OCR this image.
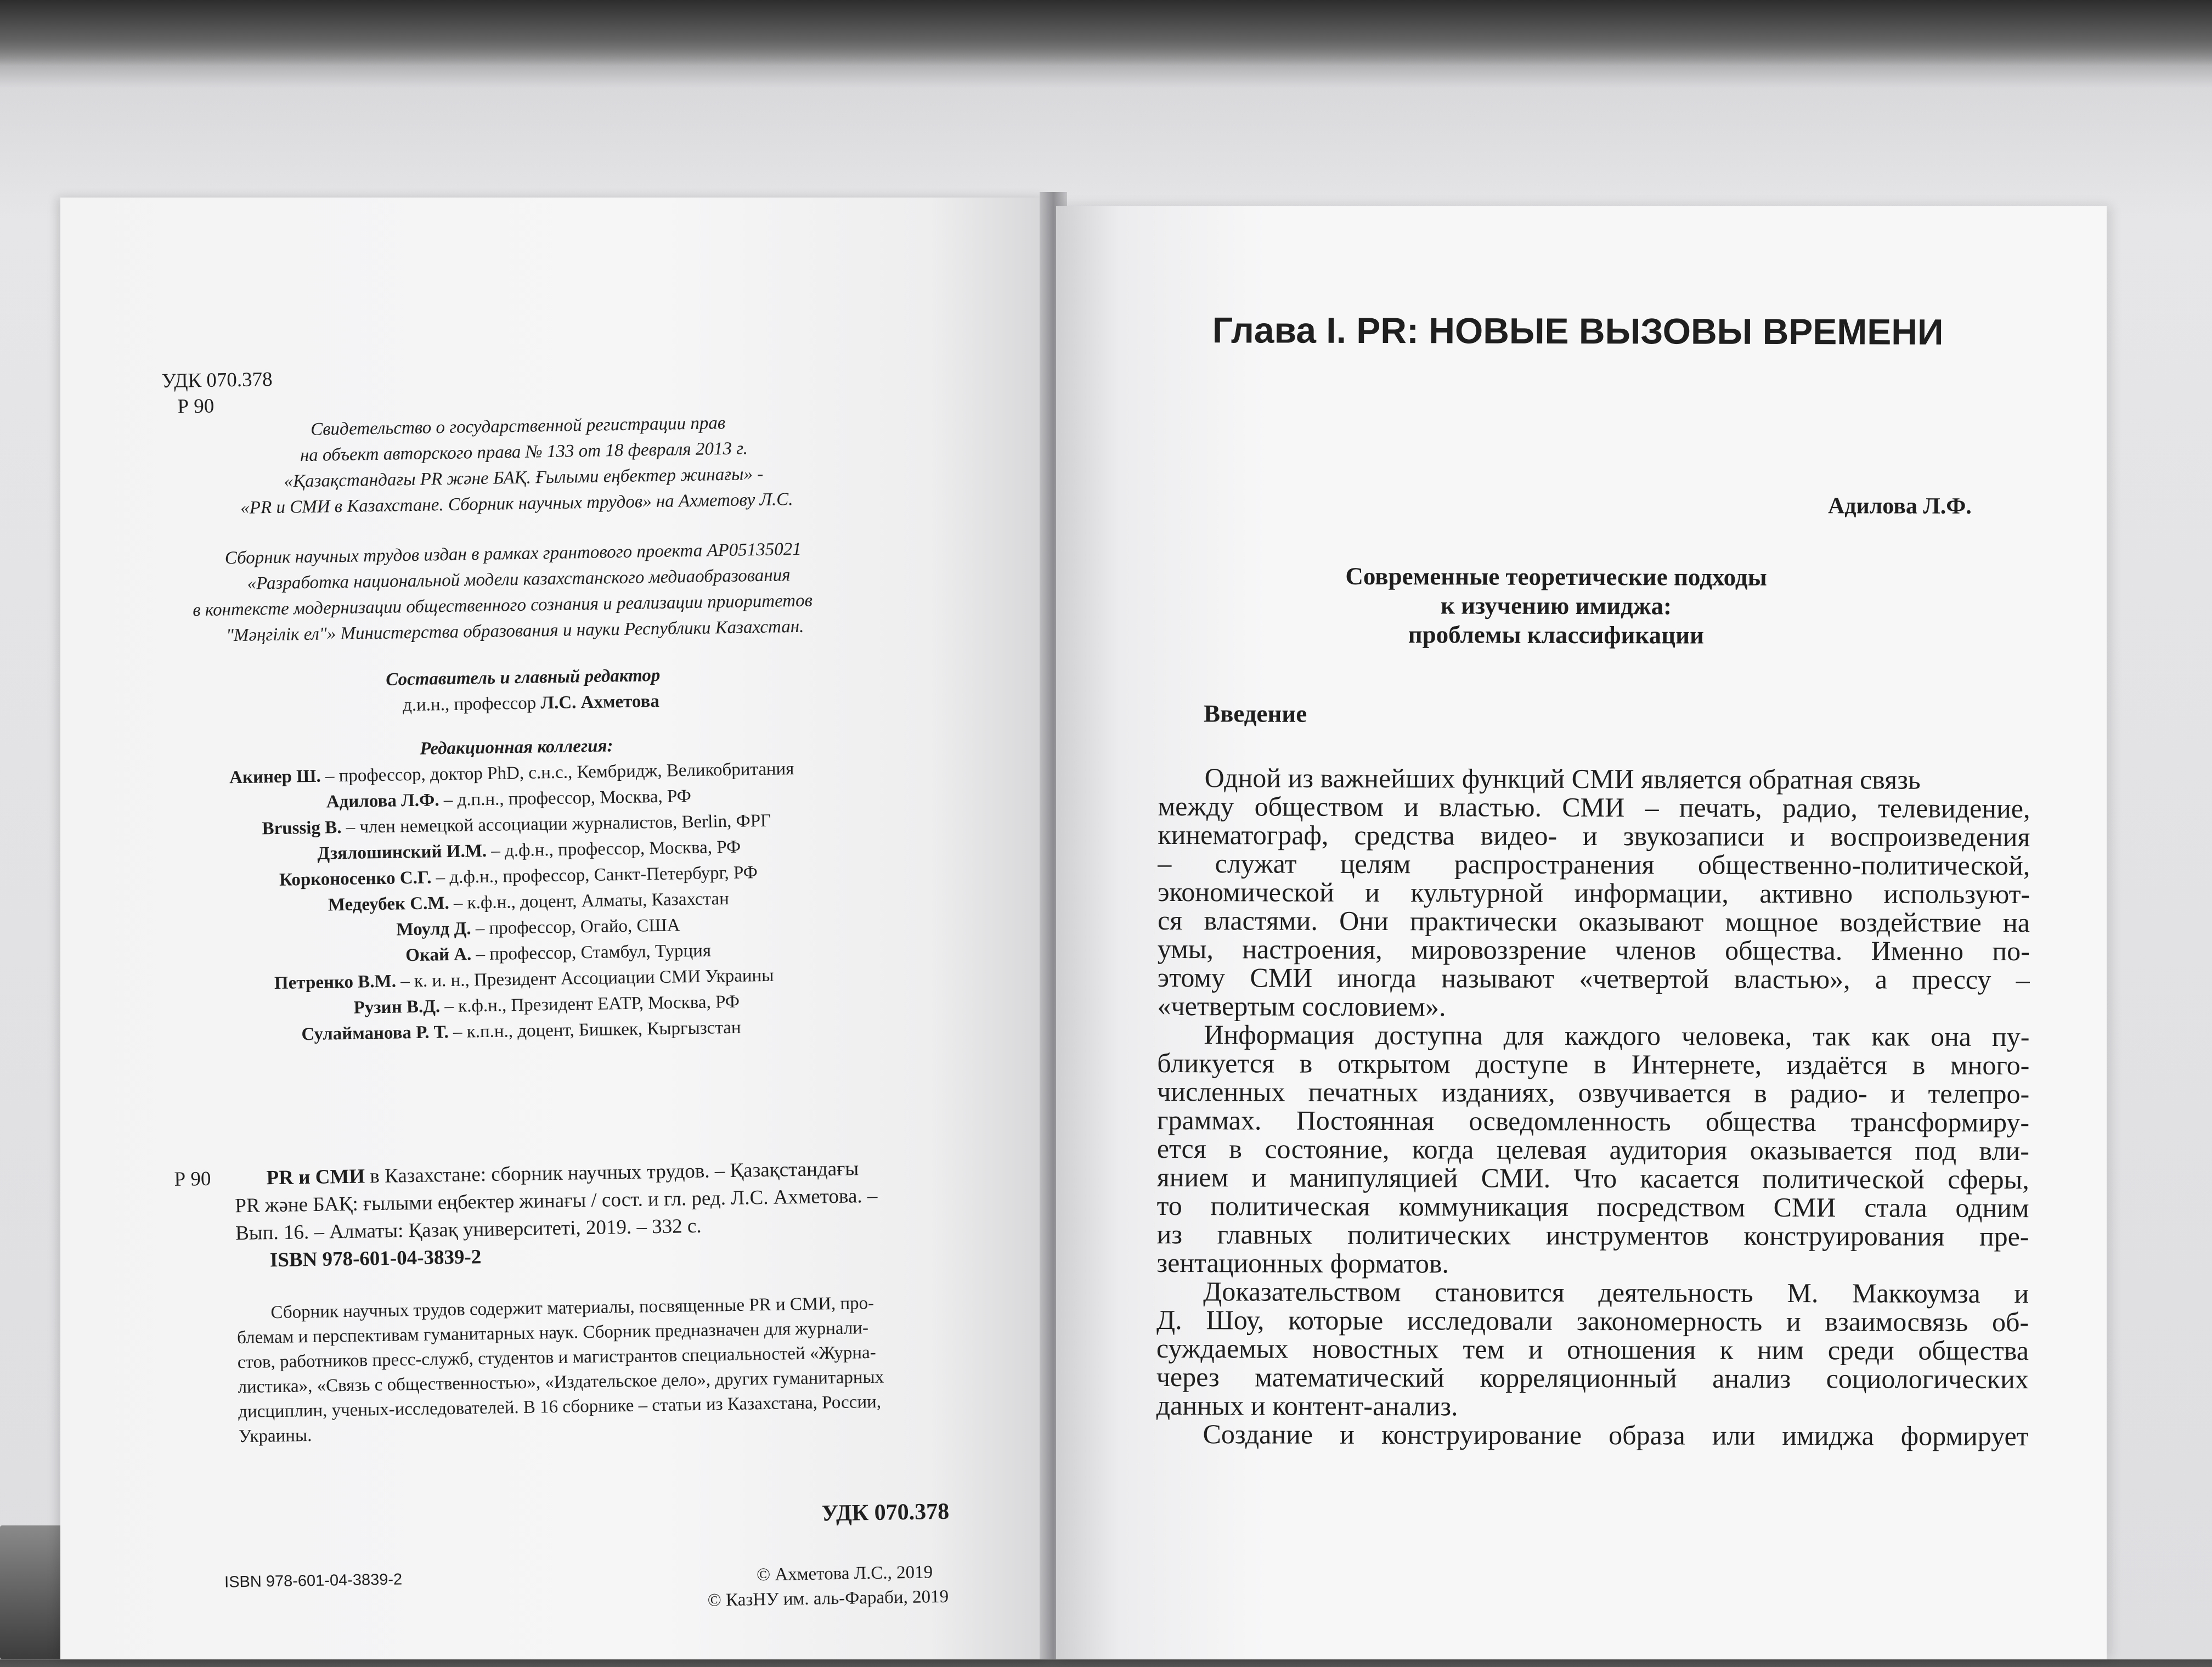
УДК 070.378
Р 90
Свидетельство о государственной регистрации прав
на объект авторского права № 133 от 18 февраля 2013 г.
«Қазақстандағы PR және БАҚ. Ғылыми еңбектер жинағы» -
«PR и СМИ в Казахстане. Сборник научных трудов» на Ахметову Л.С.
Сборник научных трудов издан в рамках грантового проекта AP05135021
«Разработка национальной модели казахстанского медиаобразования
в контексте модернизации общественного сознания и реализации приоритетов
"Мәңгілік ел"» Министерства образования и науки Республики Казахстан.
Составитель и главный редактор
д.и.н., профессор Л.С. Ахметова
Редакционная коллегия:
Акинер Ш. – профессор, доктор PhD, с.н.с., Кембридж, Великобритания
Адилова Л.Ф. – д.п.н., профессор, Москва, РФ
Brussig B. – член немецкой ассоциации журналистов, Berlin, ФРГ
Дзялошинский И.М. – д.ф.н., профессор, Москва, РФ
Корконосенко С.Г. – д.ф.н., профессор, Санкт-Петербург, РФ
Медеубек С.М. – к.ф.н., доцент, Алматы, Казахстан
Моулд Д. – профессор, Огайо, США
Окай А. – профессор, Стамбул, Турция
Петренко В.М. – к. и. н., Президент Ассоциации СМИ Украины
Рузин В.Д. – к.ф.н., Президент ЕАТР, Москва, РФ
Сулайманова Р. Т. – к.п.н., доцент, Бишкек, Кыргызстан
Р 90	PR и СМИ в Казахстане: сборник научных трудов. – Қазақстандағы
PR және БАҚ: ғылыми еңбектер жинағы / сост. и гл. ред. Л.С. Ахметова. –
Вып. 16. – Алматы: Қазақ университеті, 2019. – 332 с.
ISBN 978-601-04-3839-2
Сборник научных трудов содержит материалы, посвященные PR и СМИ, про-
блемам и перспективам гуманитарных наук. Сборник предназначен для журнали-
стов, работников пресс-служб, студентов и магистрантов специальностей «Журна-
листика», «Связь с общественностью», «Издательское дело», других гуманитарных
дисциплин, ученых-исследователей. В 16 сборнике – статьи из Казахстана, России,
Украины.
УДК 070.378
ISBN 978-601-04-3839-2	© Ахметова Л.С., 2019
© КазНУ им. аль-Фараби, 2019
Глава I. PR: НОВЫЕ ВЫЗОВЫ ВРЕМЕНИ
Адилова Л.Ф.
Современные теоретические подходы
к изучению имиджа:
проблемы классификации
Введение
Одной из важнейших функций СМИ является обратная связь
между обществом и властью. СМИ – печать, радио, телевидение,
кинематограф, средства видео- и звукозаписи и воспроизведения
– служат целям распространения общественно-политической,
экономической и культурной информации, активно используют-
ся властями. Они практически оказывают мощное воздействие на
умы, настроения, мировоззрение членов общества. Именно по-
этому СМИ иногда называют «четвертой властью», а прессу –
«четвертым сословием».
Информация доступна для каждого человека, так как она пу-
бликуется в открытом доступе в Интернете, издаётся в много-
численных печатных изданиях, озвучивается в радио- и телепро-
граммах. Постоянная осведомленность общества трансформиру-
ется в состояние, когда целевая аудитория оказывается под вли-
янием и манипуляцией СМИ. Что касается политической сферы,
то политическая коммуникация посредством СМИ стала одним
из главных политических инструментов конструирования пре-
зентационных форматов.
Доказательством становится деятельность М. Маккоумза и
Д. Шоу, которые исследовали закономерность и взаимосвязь об-
суждаемых новостных тем и отношения к ним среди общества
через математический корреляционный анализ социологических
данных и контент-анализ.
Создание и конструирование образа или имиджа формирует
